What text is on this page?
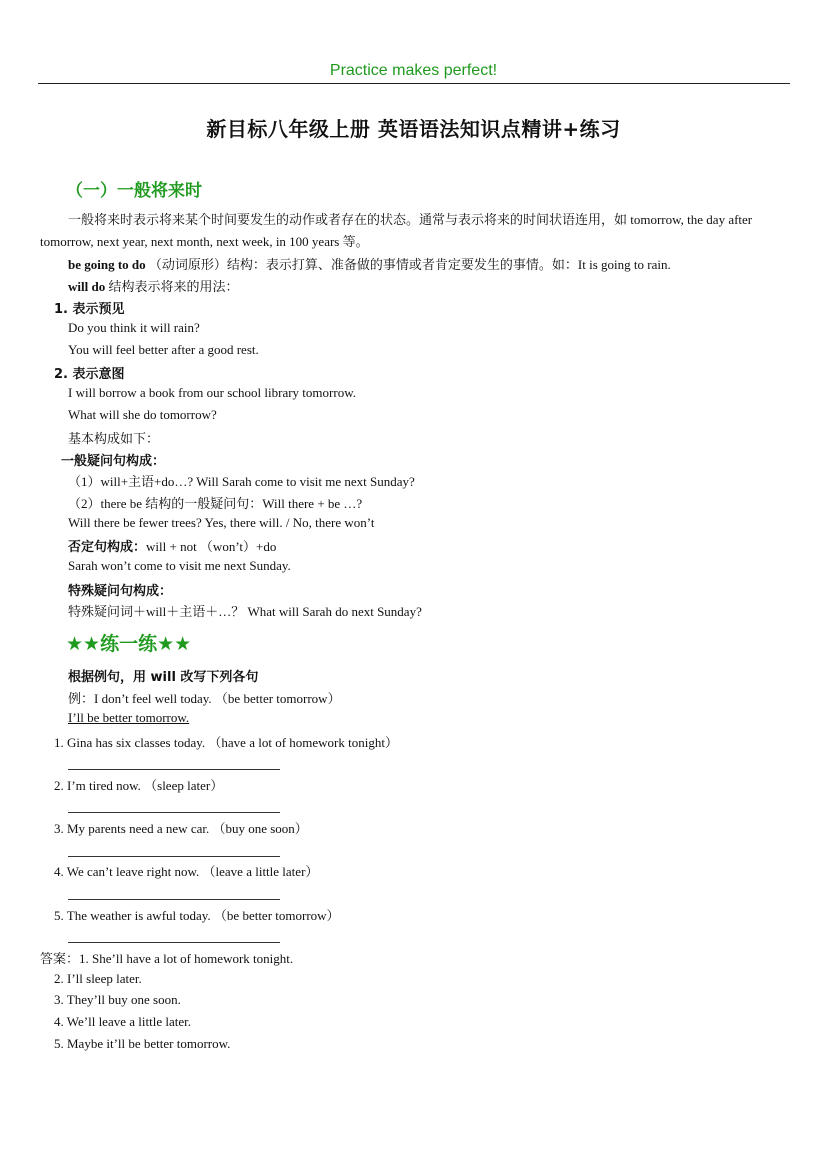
Practice makes perfect!
新目标八年级上册 英语语法知识点精讲+练习
（一）一般将来时
一般将来时表示将来某个时间要发生的动作或者存在的状态。通常与表示将来的时间状语连用，如 tomorrow, the day after tomorrow, next year, next month, next week, in 100 years 等。
be going to do （动词原形）结构：表示打算、准备做的事情或者肯定要发生的事情。如：It is going to rain.
will do 结构表示将来的用法：
1. 表示预见
Do you think it will rain?
You will feel better after a good rest.
2. 表示意图
I will borrow a book from our school library tomorrow.
What will she do tomorrow?
基本构成如下：
一般疑问句构成：
（1）will+主语+do…? Will Sarah come to visit me next Sunday?
（2）there be 结构的一般疑问句：Will there + be …?
Will there be fewer trees? Yes, there will. / No, there won’t
否定句构成：will + not （won’t）+do
Sarah won’t come to visit me next Sunday.
特殊疑问句构成：
特殊疑问词＋will＋主语＋…？ What will Sarah do next Sunday?
★★练一练★★
根据例句，用 will 改写下列各句
例：I don’t feel well today. （be better tomorrow）
I’ll be better tomorrow.
1. Gina has six classes today. （have a lot of homework tonight）
2. I’m tired now. （sleep later）
3. My parents need a new car. （buy one soon）
4. We can’t leave right now. （leave a little later）
5. The weather is awful today. （be better tomorrow）
答案：1. She’ll have a lot of homework tonight.
2. I’ll sleep later.
3. They’ll buy one soon.
4. We’ll leave a little later.
5. Maybe it’ll be better tomorrow.
